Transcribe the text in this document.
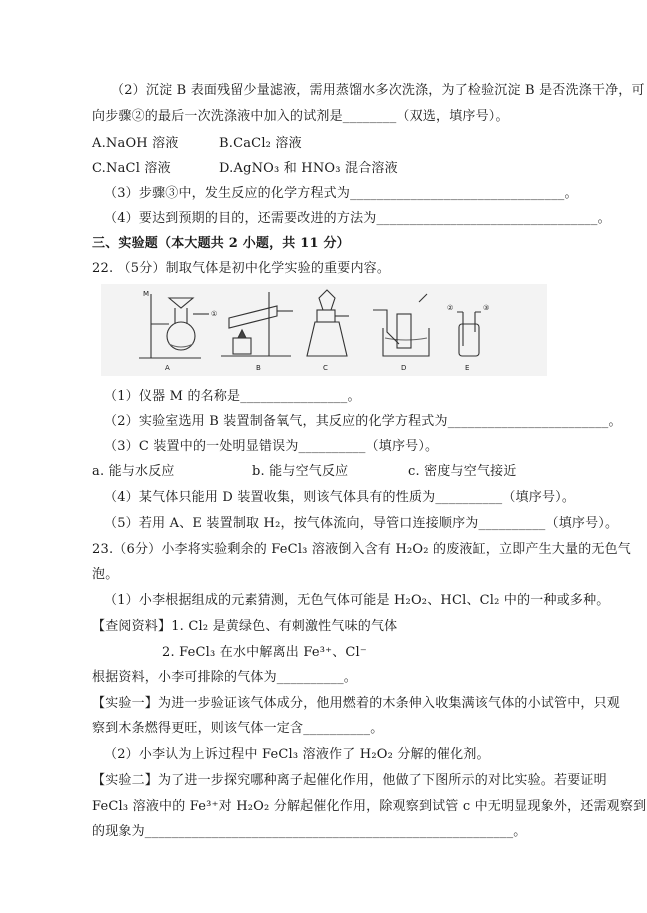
（2）沉淀 B 表面残留少量滤液，需用蒸馏水多次洗涤，为了检验沉淀 B 是否洗涤干净，可
向步骤②的最后一次洗涤液中加入的试剂是________（双选，填序号）。
A.NaOH 溶液	B.CaCl₂ 溶液
C.NaCl 溶液	D.AgNO₃ 和 HNO₃ 混合溶液
（3）步骤③中，发生反应的化学方程式为________________________________。
（4）要达到预期的目的，还需要改进的方法为_________________________________。
三、实验题（本大题共 2 小题，共 11 分）
22. （5分）制取气体是初中化学实验的重要内容。
M
①
A	B	C	D
②	③
E
（1）仪器 M 的名称是________________。
（2）实验室选用 B 装置制备氧气，其反应的化学方程式为________________________。
（3）C 装置中的一处明显错误为__________（填序号）。
a. 能与水反应	b. 能与空气反应	c. 密度与空气接近
（4）某气体只能用 D 装置收集，则该气体具有的性质为__________（填序号）。
（5）若用 A、E 装置制取 H₂，按气体流向，导管口连接顺序为__________（填序号）。
23.（6分）小李将实验剩余的 FeCl₃ 溶液倒入含有 H₂O₂ 的废液缸，立即产生大量的无色气
泡。
（1）小李根据组成的元素猜测，无色气体可能是 H₂O₂、HCl、Cl₂ 中的一种或多种。
【查阅资料】1. Cl₂ 是黄绿色、有刺激性气味的气体
2. FeCl₃ 在水中解离出 Fe³⁺、Cl⁻
根据资料，小李可排除的气体为__________。
【实验一】为进一步验证该气体成分，他用燃着的木条伸入收集满该气体的小试管中，只观
察到木条燃得更旺，则该气体一定含__________。
（2）小李认为上诉过程中 FeCl₃ 溶液作了 H₂O₂ 分解的催化剂。
【实验二】为了进一步探究哪种离子起催化作用，他做了下图所示的对比实验。若要证明
FeCl₃ 溶液中的 Fe³⁺对 H₂O₂ 分解起催化作用，除观察到试管 c 中无明显现象外，还需观察到
的现象为_______________________________________________________。
